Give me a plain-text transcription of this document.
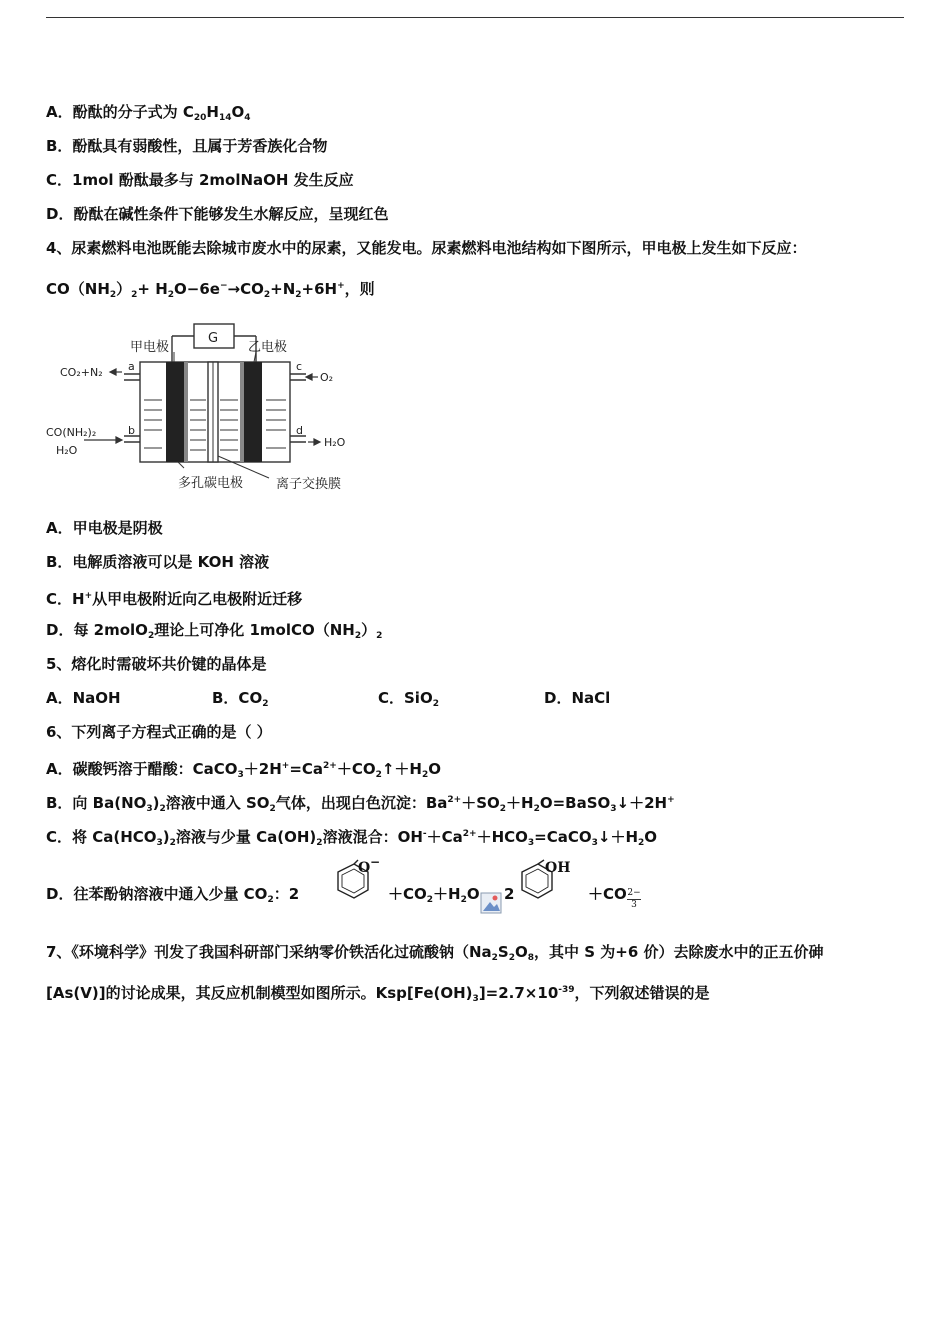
A．酚酞的分子式为 $C_{20}H_{14}O_4$
B．酚酞具有弱酸性，且属于芳香族化合物
C．1mol 酚酞最多与 2molNaOH 发生反应
D．酚酞在碱性条件下能够发生水解反应，呈现红色
4、尿素燃料电池既能去除城市废水中的尿素，又能发电。尿素燃料电池结构如下图所示，甲电极上发生如下反应：
$CO(NH_2)_2+ H_2O-6e^-\to CO_2+N_2+6H^+$，则
G
甲电极	乙电极
多孔碳电极	离子交换膜
CO₂+N₂	O₂
CO(NH₂)₂
H₂O
H₂O
a
b
c
d
A．甲电极是阴极
B．电解质溶液可以是 KOH 溶液
C．H+从甲电极附近向乙电极附近迁移
D．每 2molO$_2$理论上可净化 $1molCO(NH_2)_2$
5、熔化时需破坏共价键的晶体是
A．NaOH	B．$CO_2$	C．SiO$_2$	D．NaCl
6、下列离子方程式正确的是（ ）
A．碳酸钙溶于醋酸：$CaCO_3+2H^+=Ca^{2+}+CO_2↑+H_2O$
B．向 $Ba(NO_3)_2$溶液中通入 $SO_2$气体，出现白色沉淀：$Ba^{2+}+SO_2+H_2O=BaSO_3↓+2H^+$
C．将 $Ca(HCO_3)_2$溶液与少量 $Ca(OH)_2$溶液混合：$OH^-+Ca^{2+}+HCO_3=CaCO_3↓+H_2O$
D．往苯酚钠溶液中通入少量 $CO_2$：2
O −
$+CO_2+H_2O$ 2
OH
＋CO 2−
3
7、《环境科学》刊发了我国科研部门采纳零价铁活化过硫酸钠（$Na_2S_2O_8$，其中 S 为+6 价）去除废水中的正五价砷
[As(V)]的讨论成果，其反应机制模型如图所示。$Ksp[Fe(OH)_3]=2.7\times 10^{-39}$，下列叙述错误的是
